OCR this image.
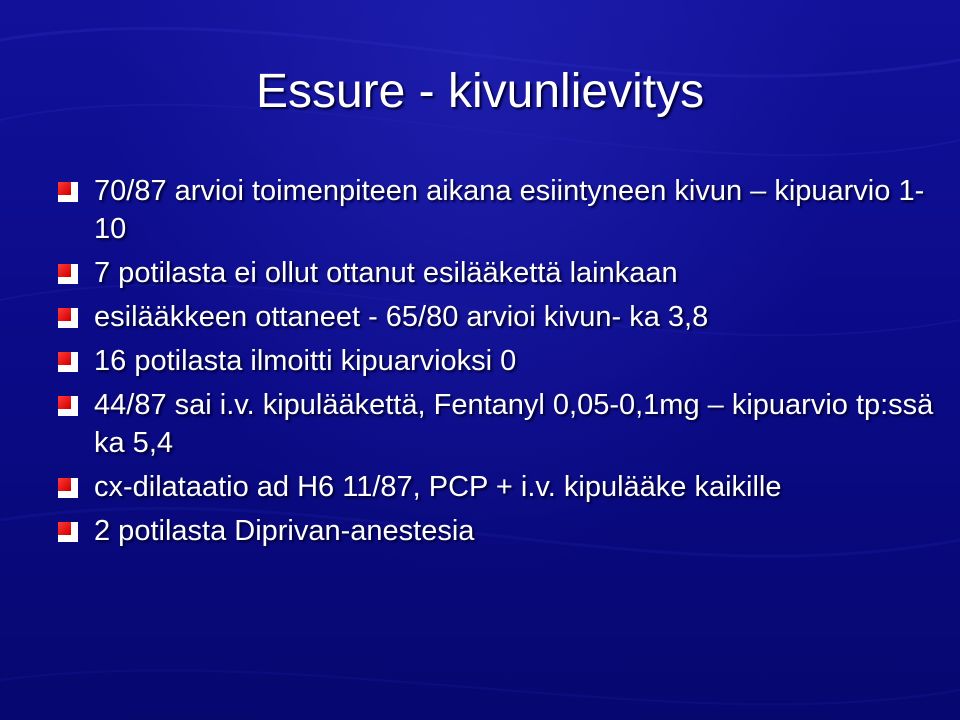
Essure - kivunlievitys
70/87 arvioi toimenpiteen aikana esiintyneen kivun – kipuarvio 1-10
7 potilasta ei ollut ottanut esilääkettä lainkaan
esilääkkeen ottaneet - 65/80 arvioi kivun- ka 3,8
16 potilasta ilmoitti kipuarvioksi 0
44/87 sai i.v. kipulääkettä, Fentanyl 0,05-0,1mg – kipuarvio tp:ssä ka 5,4
cx-dilataatio ad H6 11/87, PCP + i.v. kipulääke kaikille
2 potilasta Diprivan-anestesia
